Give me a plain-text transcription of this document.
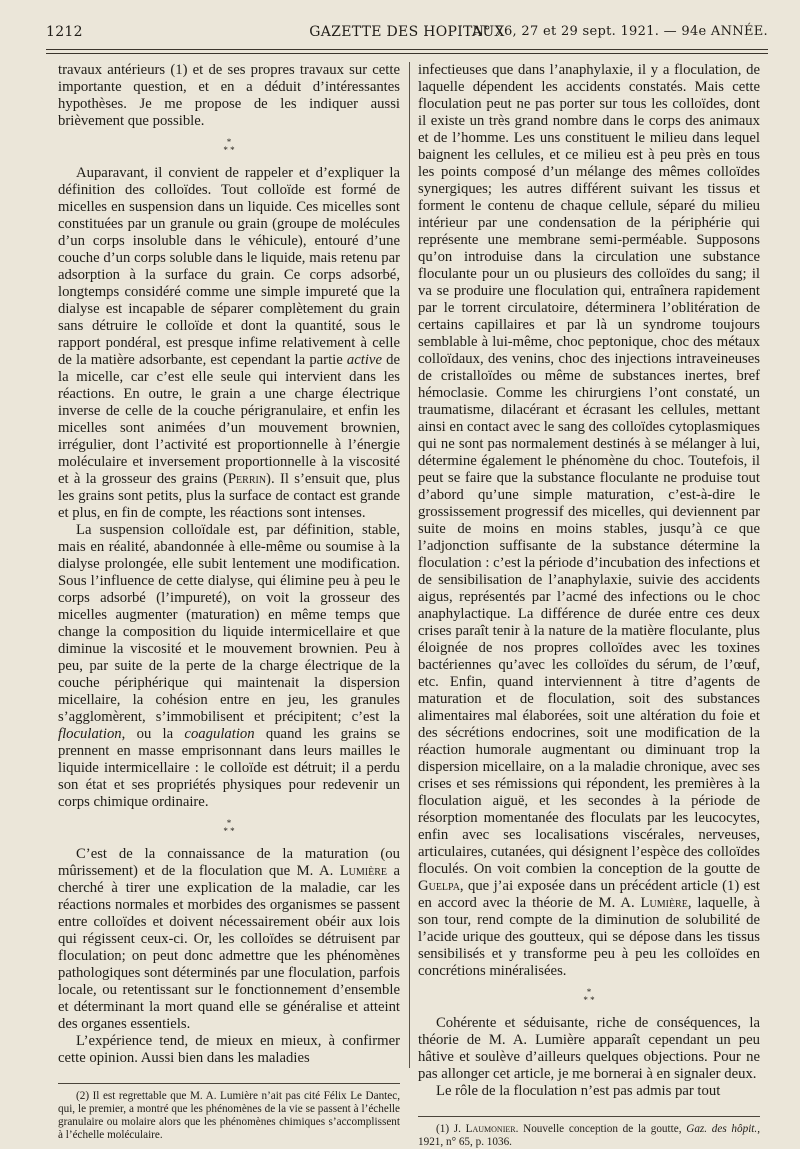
1212	GAZETTE DES HOPITAUX
N° 76, 27 et 29 sept. 1921. — 94e ANNÉE.

travaux antérieurs (1) et de ses propres travaux sur cette importante question, et en a déduit d’intéressantes hypothèses. Je me propose de les indiquer aussi brièvement que possible.

*
* *

Auparavant, il convient de rappeler et d’expliquer la définition des colloïdes. Tout colloïde est formé de micelles en suspension dans un liquide. Ces micelles sont constituées par un granule ou grain (groupe de molécules d’un corps insoluble dans le véhicule), entouré d’une couche d’un corps soluble dans le liquide, mais retenu par adsorption à la surface du grain. Ce corps adsorbé, longtemps considéré comme une simple impureté que la dialyse est incapable de séparer complètement du grain sans détruire le colloïde et dont la quantité, sous le rapport pondéral, est presque infime relativement à celle de la matière adsorbante, est cependant la partie active de la micelle, car c’est elle seule qui intervient dans les réactions. En outre, le grain a une charge électrique inverse de celle de la couche périgranulaire, et enfin les micelles sont animées d’un mouvement brownien, irrégulier, dont l’activité est proportionnelle à l’énergie moléculaire et inversement proportionnelle à la viscosité et à la grosseur des grains (Perrin). Il s’ensuit que, plus les grains sont petits, plus la surface de contact est grande et plus, en fin de compte, les réactions sont intenses.

La suspension colloïdale est, par définition, stable, mais en réalité, abandonnée à elle-même ou soumise à la dialyse prolongée, elle subit lentement une modification. Sous l’influence de cette dialyse, qui élimine peu à peu le corps adsorbé (l’impureté), on voit la grosseur des micelles augmenter (maturation) en même temps que change la composition du liquide intermicellaire et que diminue la viscosité et le mouvement brownien. Peu à peu, par suite de la perte de la charge électrique de la couche périphérique qui maintenait la dispersion micellaire, la cohésion entre en jeu, les granules s’agglomèrent, s’immobilisent et précipitent; c’est la floculation, ou la coagulation quand les grains se prennent en masse emprisonnant dans leurs mailles le liquide intermicellaire : le colloïde est détruit; il a perdu son état et ses propriétés physiques pour redevenir un corps chimique ordinaire.

*
* *

C’est de la connaissance de la maturation (ou mûrissement) et de la floculation que M. A. Lumière a cherché à tirer une explication de la maladie, car les réactions normales et morbides des organismes se passent entre colloïdes et doivent nécessairement obéir aux lois qui régissent ceux-ci. Or, les colloïdes se détruisent par floculation; on peut donc admettre que les phénomènes pathologiques sont déterminés par une floculation, parfois locale, ou retentissant sur le fonctionnement d’ensemble et déterminant la mort quand elle se généralise et atteint des organes essentiels.

L’expérience tend, de mieux en mieux, à confirmer cette opinion. Aussi bien dans les maladies

(2) Il est regrettable que M. A. Lumière n’ait pas cité Félix Le Dantec, qui, le premier, a montré que les phénomènes de la vie se passent à l’échelle granulaire ou molaire alors que les phénomènes chimiques s’accomplissent à l’échelle moléculaire.

infectieuses que dans l’anaphylaxie, il y a floculation, de laquelle dépendent les accidents constatés. Mais cette floculation peut ne pas porter sur tous les colloïdes, dont il existe un très grand nombre dans le corps des animaux et de l’homme. Les uns constituent le milieu dans lequel baignent les cellules, et ce milieu est à peu près en tous les points composé d’un mélange des mêmes colloïdes synergiques; les autres différent suivant les tissus et forment le contenu de chaque cellule, séparé du milieu intérieur par une condensation de la périphérie qui représente une membrane semi-perméable. Supposons qu’on introduise dans la circulation une substance floculante pour un ou plusieurs des colloïdes du sang; il va se produire une floculation qui, entraînera rapidement par le torrent circulatoire, déterminera l’oblitération de certains capillaires et par là un syndrome toujours semblable à lui-même, choc peptonique, choc des métaux colloïdaux, des venins, choc des injections intraveineuses de cristalloïdes ou même de substances inertes, bref hémoclasie. Comme les chirurgiens l’ont constaté, un traumatisme, dilacérant et écrasant les cellules, mettant ainsi en contact avec le sang des colloïdes cytoplasmiques qui ne sont pas normalement destinés à se mélanger à lui, détermine également le phénomène du choc. Toutefois, il peut se faire que la substance floculante ne produise tout d’abord qu’une simple maturation, c’est-à-dire le grossissement progressif des micelles, qui deviennent par suite de moins en moins stables, jusqu’à ce que l’adjonction suffisante de la substance détermine la floculation : c’est la période d’incubation des infections et de sensibilisation de l’anaphylaxie, suivie des accidents aigus, représentés par l’acmé des infections ou le choc anaphylactique. La différence de durée entre ces deux crises paraît tenir à la nature de la matière floculante, plus éloignée de nos propres colloïdes avec les toxines bactériennes qu’avec les colloïdes du sérum, de l’œuf, etc. Enfin, quand interviennent à titre d’agents de maturation et de floculation, soit des substances alimentaires mal élaborées, soit une altération du foie et des sécrétions endocrines, soit une modification de la réaction humorale augmentant ou diminuant trop la dispersion micellaire, on a la maladie chronique, avec ses crises et ses rémissions qui répondent, les premières à la floculation aiguë, et les secondes à la période de résorption momentanée des floculats par les leucocytes, enfin avec ses localisations viscérales, nerveuses, articulaires, cutanées, qui désignent l’espèce des colloïdes floculés. On voit combien la conception de la goutte de Guelpa, que j’ai exposée dans un précédent article (1) est en accord avec la théorie de M. A. Lumière, laquelle, à son tour, rend compte de la diminution de solubilité de l’acide urique des goutteux, qui se dépose dans les tissus sensibilisés et y transforme peu à peu les colloïdes en concrétions minéralisées.

*
* *

Cohérente et séduisante, riche de conséquences, la théorie de M. A. Lumière apparaît cependant un peu hâtive et soulève d’ailleurs quelques objections. Pour ne pas allonger cet article, je me bornerai à en signaler deux.

Le rôle de la floculation n’est pas admis par tout

(1) J. Laumonier. Nouvelle conception de la goutte, Gaz. des hôpit., 1921, n° 65, p. 1036.
